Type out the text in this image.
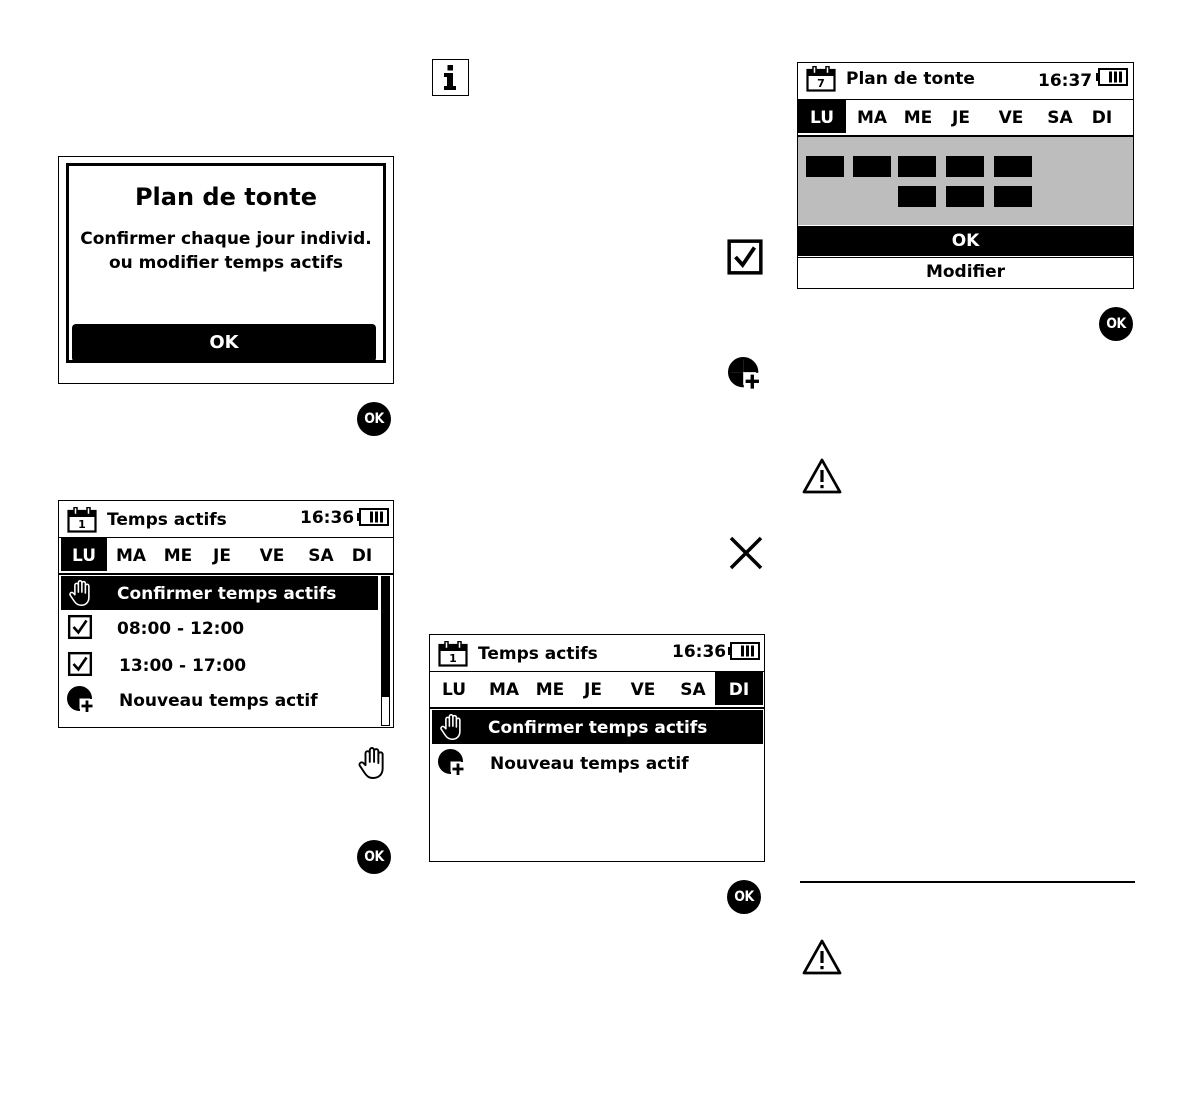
Plan de tonte
Confirmer chaque jour individ.
ou modifier temps actifs
OK
OK
1	Temps actifs	16:36
LU	MA	ME	JE	VE	SA	DI
Confirmer temps actifs
08:00 - 12:00
13:00 - 17:00
Nouveau temps actif
OK
1	Temps actifs	16:36
LU	MA ME	JE	VE	SA	DI
Confirmer temps actifs
Nouveau temps actif
OK
7	Plan de tonte	16:37
LU	MA ME	JE	VE	SA	DI
OK
Modifier
OK
